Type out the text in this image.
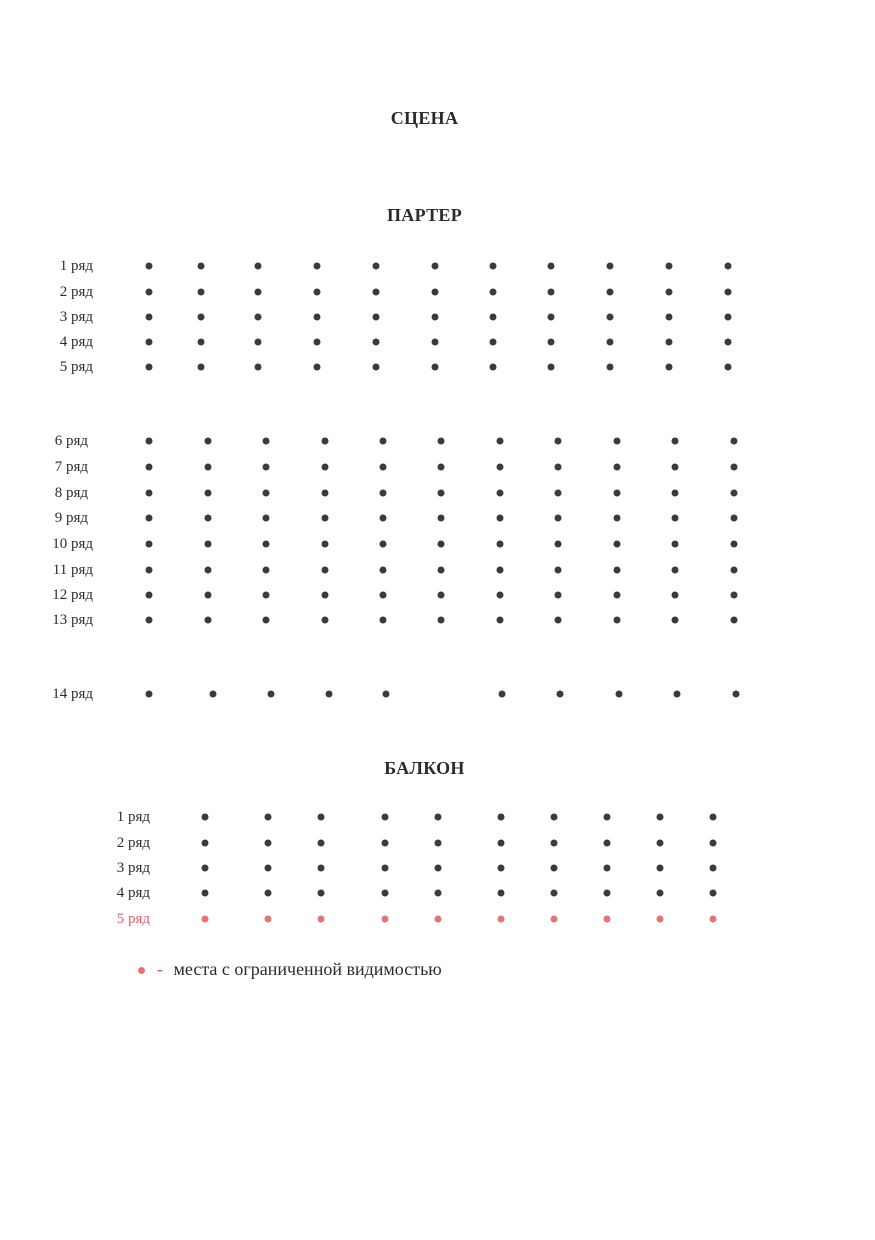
СЦЕНА
ПАРТЕР
БАЛКОН
- места с ограниченной видимостью
1 ряд
2 ряд
3 ряд
4 ряд
5 ряд
6 ряд
7 ряд
8 ряд
9 ряд
10 ряд
11 ряд
12 ряд
13 ряд
14 ряд
1 ряд
2 ряд
3 ряд
4 ряд
5 ряд
